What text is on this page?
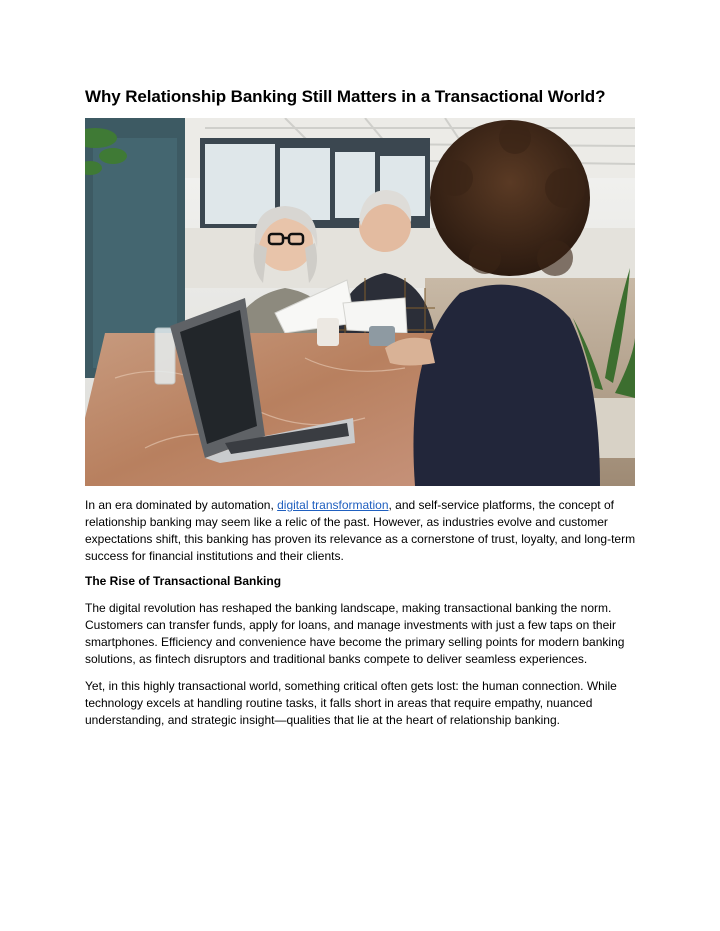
Why Relationship Banking Still Matters in a Transactional World?

In an era dominated by automation, digital transformation, and self-service platforms, the concept of relationship banking may seem like a relic of the past. However, as industries evolve and customer expectations shift, this banking has proven its relevance as a cornerstone of trust, loyalty, and long-term success for financial institutions and their clients.

The Rise of Transactional Banking

The digital revolution has reshaped the banking landscape, making transactional banking the norm. Customers can transfer funds, apply for loans, and manage investments with just a few taps on their smartphones. Efficiency and convenience have become the primary selling points for modern banking solutions, as fintech disruptors and traditional banks compete to deliver seamless experiences.

Yet, in this highly transactional world, something critical often gets lost: the human connection. While technology excels at handling routine tasks, it falls short in areas that require empathy, nuanced understanding, and strategic insight—qualities that lie at the heart of relationship banking.
